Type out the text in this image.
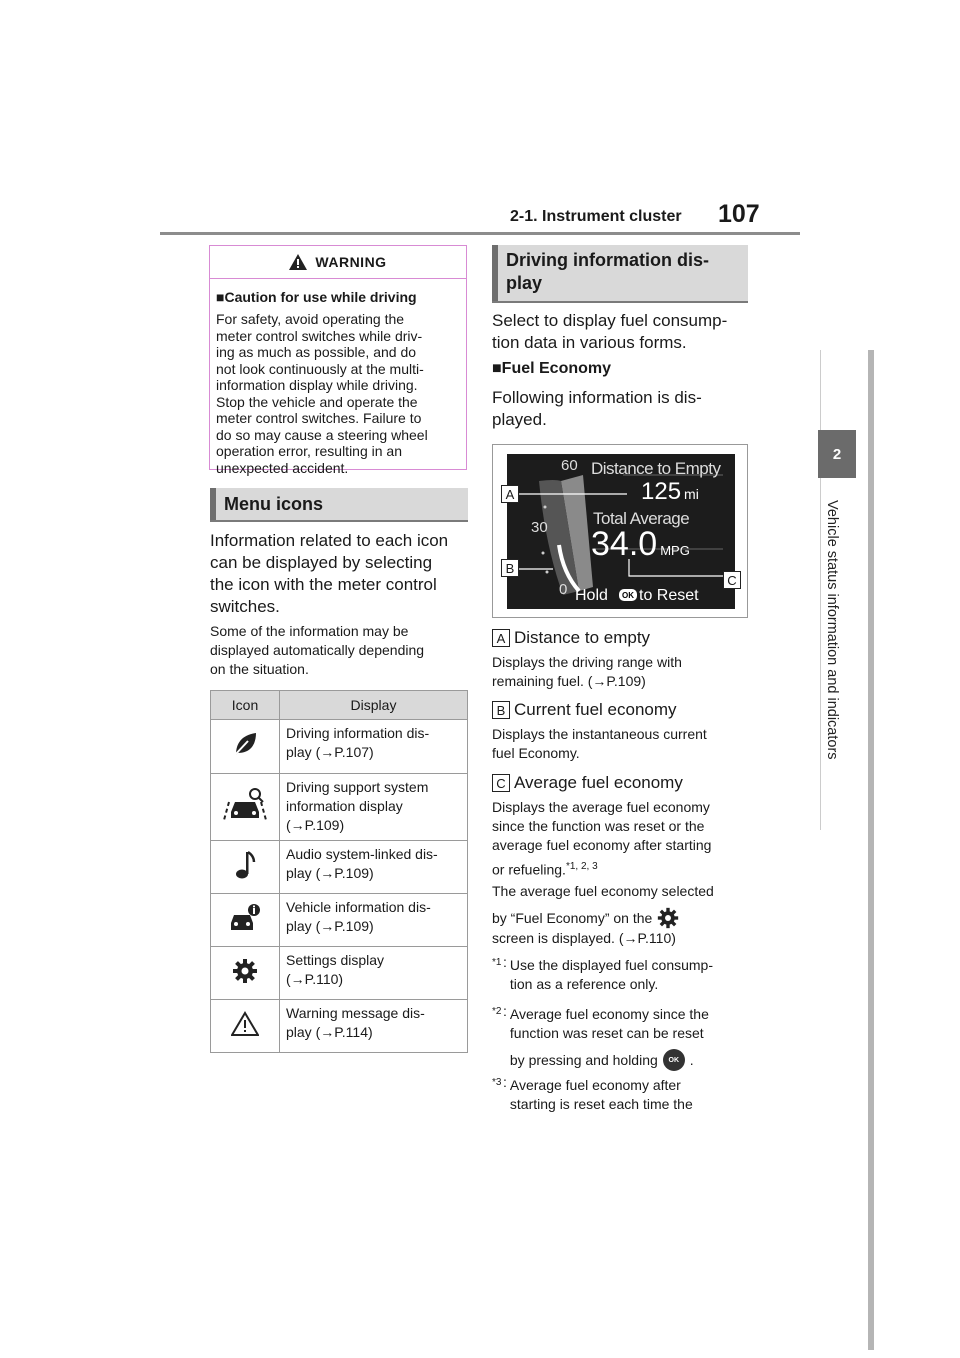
2-1. Instrument cluster 107
2
Vehicle status information and indicators
WARNING
■Caution for use while driving
For safety, avoid operating the
meter control switches while driv-
ing as much as possible, and do
not look continuously at the multi-
information display while driving.
Stop the vehicle and operate the
meter control switches. Failure to
do so may cause a steering wheel
operation error, resulting in an
unexpected accident.
Menu icons
Information related to each icon
can be displayed by selecting
the icon with the meter control
switches.
Some of the information may be
displayed automatically depending
on the situation.
Icon	Display

Driving information dis-
play (→P.107)

Driving support system
information display
(→P.109)

Audio system-linked dis-
play (→P.109)

Vehicle information dis-
play (→P.109)

Settings display
(→P.110)

Warning message dis-
play (→P.114)
Driving information dis-
play
Select to display fuel consump-
tion data in various forms.
■Fuel Economy
Following information is dis-
played.
60
30
0
Distance to Empty
125 mi
Total Average
34.0 MPG
Hold	OK to Reset
A
B
C
A Distance to empty
Displays the driving range with
remaining fuel. (→P.109)
B Current fuel economy
Displays the instantaneous current
fuel Economy.
C Average fuel economy
Displays the average fuel economy
since the function was reset or the
average fuel economy after starting
or refueling.$^{*1, 2, 3}$
The average fuel economy selected
by “Fuel Economy” on the
screen is displayed. (→P.110)
*1 : Use the displayed fuel consump-
tion as a reference only.
*2 : Average fuel economy since the
function was reset can be reset
by pressing and holding	OK .
*3 : Average fuel economy after
starting is reset each time the
